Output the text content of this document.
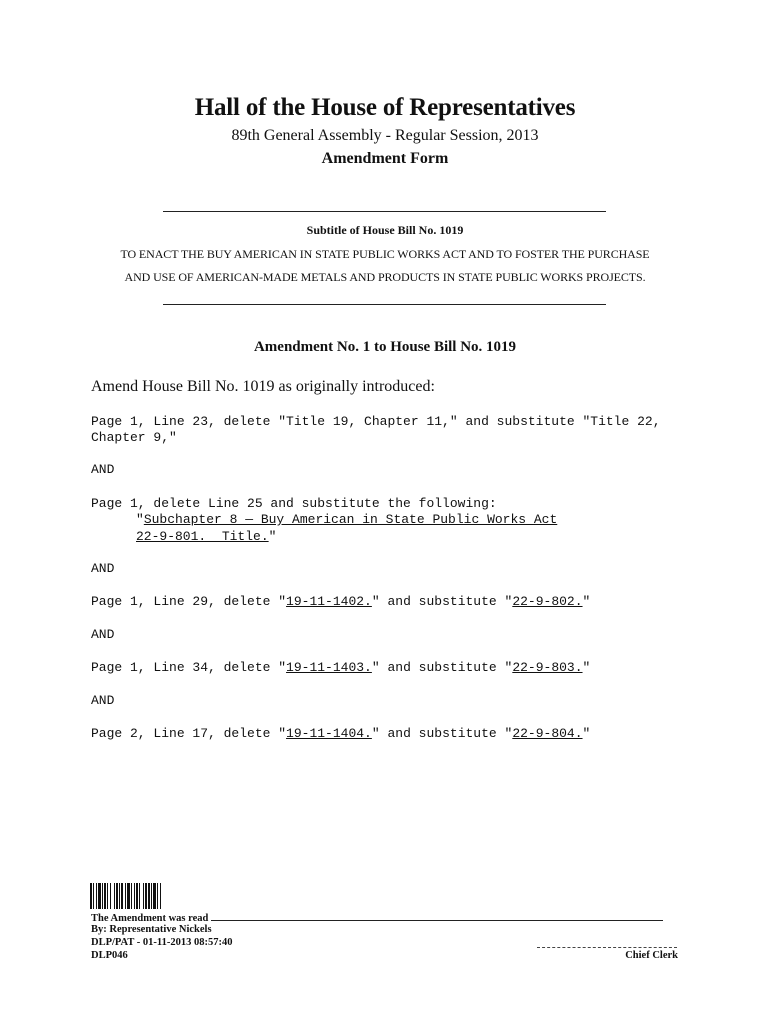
Hall of the House of Representatives
89th General Assembly - Regular Session, 2013
Amendment Form
Subtitle of House Bill No. 1019
TO ENACT THE BUY AMERICAN IN STATE PUBLIC WORKS ACT AND TO FOSTER THE PURCHASE
AND USE OF AMERICAN-MADE METALS AND PRODUCTS IN STATE PUBLIC WORKS PROJECTS.
Amendment No. 1 to House Bill No. 1019
Amend House Bill No. 1019 as originally introduced:
Page 1, Line 23, delete "Title 19, Chapter 11," and substitute "Title 22,
Chapter 9,"
AND
Page 1, delete Line 25 and substitute the following:
"Subchapter 8 — Buy American in State Public Works Act
22-9-801.  Title."
AND
Page 1, Line 29, delete "19-11-1402." and substitute "22-9-802."
AND
Page 1, Line 34, delete "19-11-1403." and substitute "22-9-803."
AND
Page 2, Line 17, delete "19-11-1404." and substitute "22-9-804."
The Amendment was read
By: Representative Nickels
DLP/PAT - 01-11-2013 08:57:40
DLP046	Chief Clerk
